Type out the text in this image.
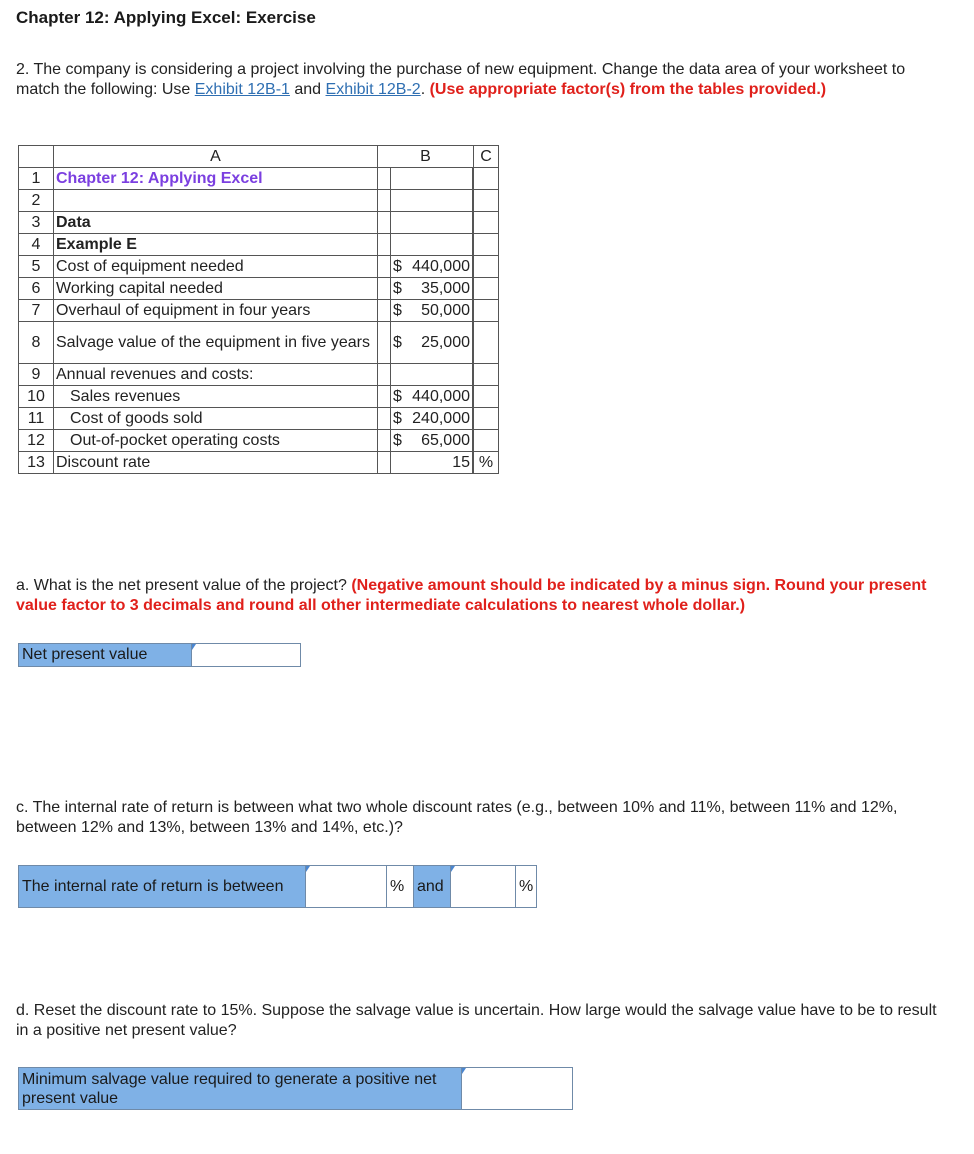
Chapter 12: Applying Excel: Exercise
2. The company is considering a project involving the purchase of new equipment. Change the data area of your worksheet to match the following: Use Exhibit 12B-1 and Exhibit 12B-2. (Use appropriate factor(s) from the tables provided.)
	A	B	C
1	Chapter 12: Applying Excel	

2		

3	Data	

4	Example E	

5	Cost of equipment needed	$ 440,000	

6	Working capital needed	$ 35,000	

7	Overhaul of equipment in four years	$ 50,000	

8	Salvage value of the equipment in five years	$ 25,000	

9	Annual revenues and costs:	

10	Sales revenues	$ 440,000	

11	Cost of goods sold	$ 240,000	

12	Out-of-pocket operating costs	$ 65,000	

13	Discount rate	15	%
a. What is the net present value of the project? (Negative amount should be indicated by a minus sign. Round your present value factor to 3 decimals and round all other intermediate calculations to nearest whole dollar.)
Net present value	
c. The internal rate of return is between what two whole discount rates (e.g., between 10% and 11%, between 11% and 12%, between 12% and 13%, between 13% and 14%, etc.)?
The internal rate of return is between		%	and		%
d. Reset the discount rate to 15%. Suppose the salvage value is uncertain. How large would the salvage value have to be to result in a positive net present value?
Minimum salvage value required to generate a positive net present value	
